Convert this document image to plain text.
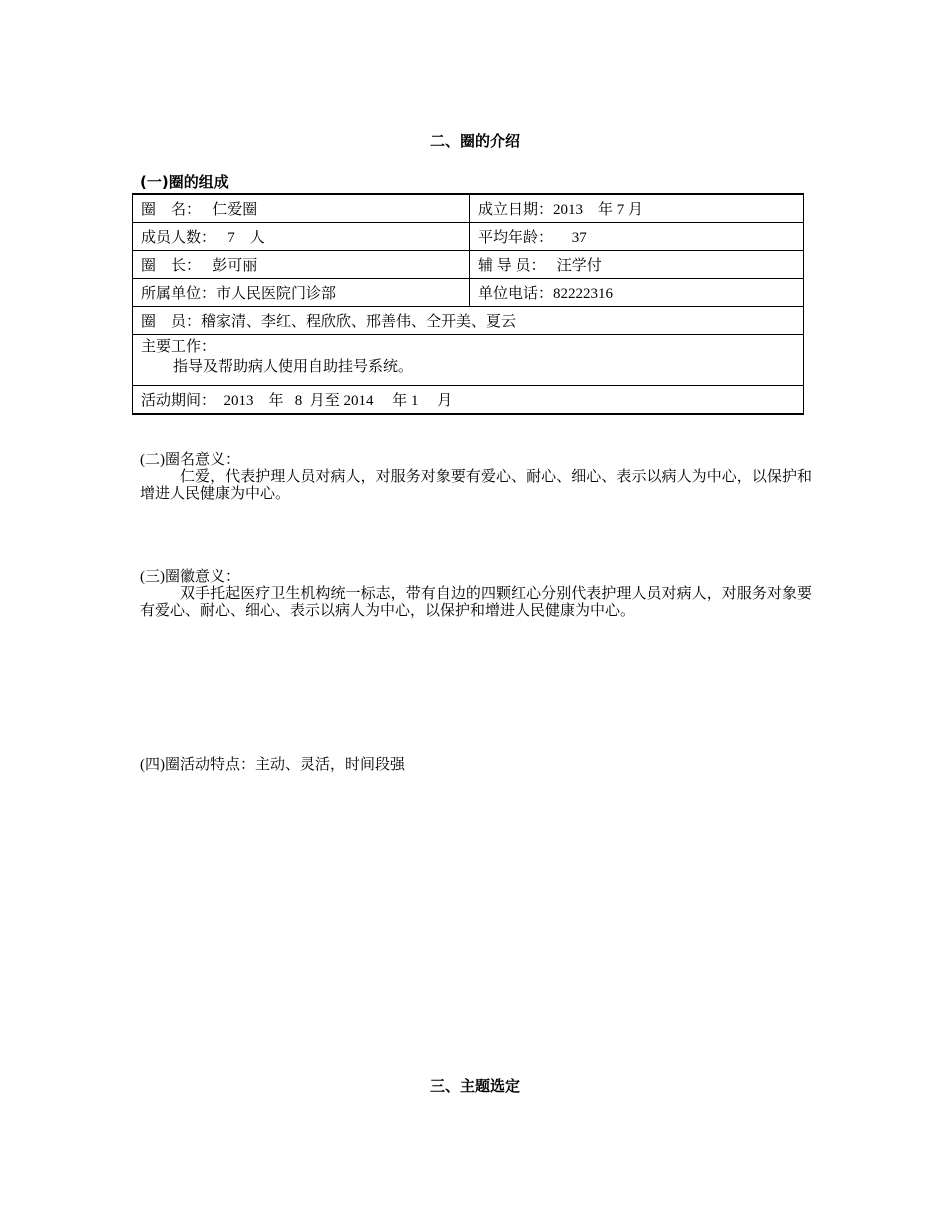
二、圈的介绍
(一)圈的组成
圈　名：　 仁爱圈	成立日期：2013　年 7 月
成员人数：　 7　人	平均年龄：　  37
圈　长：　 彭可丽	辅 导 员：　 汪学付
所属单位：市人民医院门诊部	单位电话：82222316
圈　员：稽家清、李红、程欣欣、邢善伟、仝开美、夏云	

主要工作：
指导及帮助病人使用自助挂号系统。	

活动期间： 2013　年  8 月至 2014　 年 1　 月	
(二)圈名意义：
仁爱，代表护理人员对病人，对服务对象要有爱心、耐心、细心、表示以病人为中心，以保护和增进人民健康为中心。
(三)圈徽意义：
双手托起医疗卫生机构统一标志，带有自边的四颗红心分别代表护理人员对病人，对服务对象要有爱心、耐心、细心、表示以病人为中心，以保护和增进人民健康为中心。
(四)圈活动特点：主动、灵活，时间段强
三、主题选定
